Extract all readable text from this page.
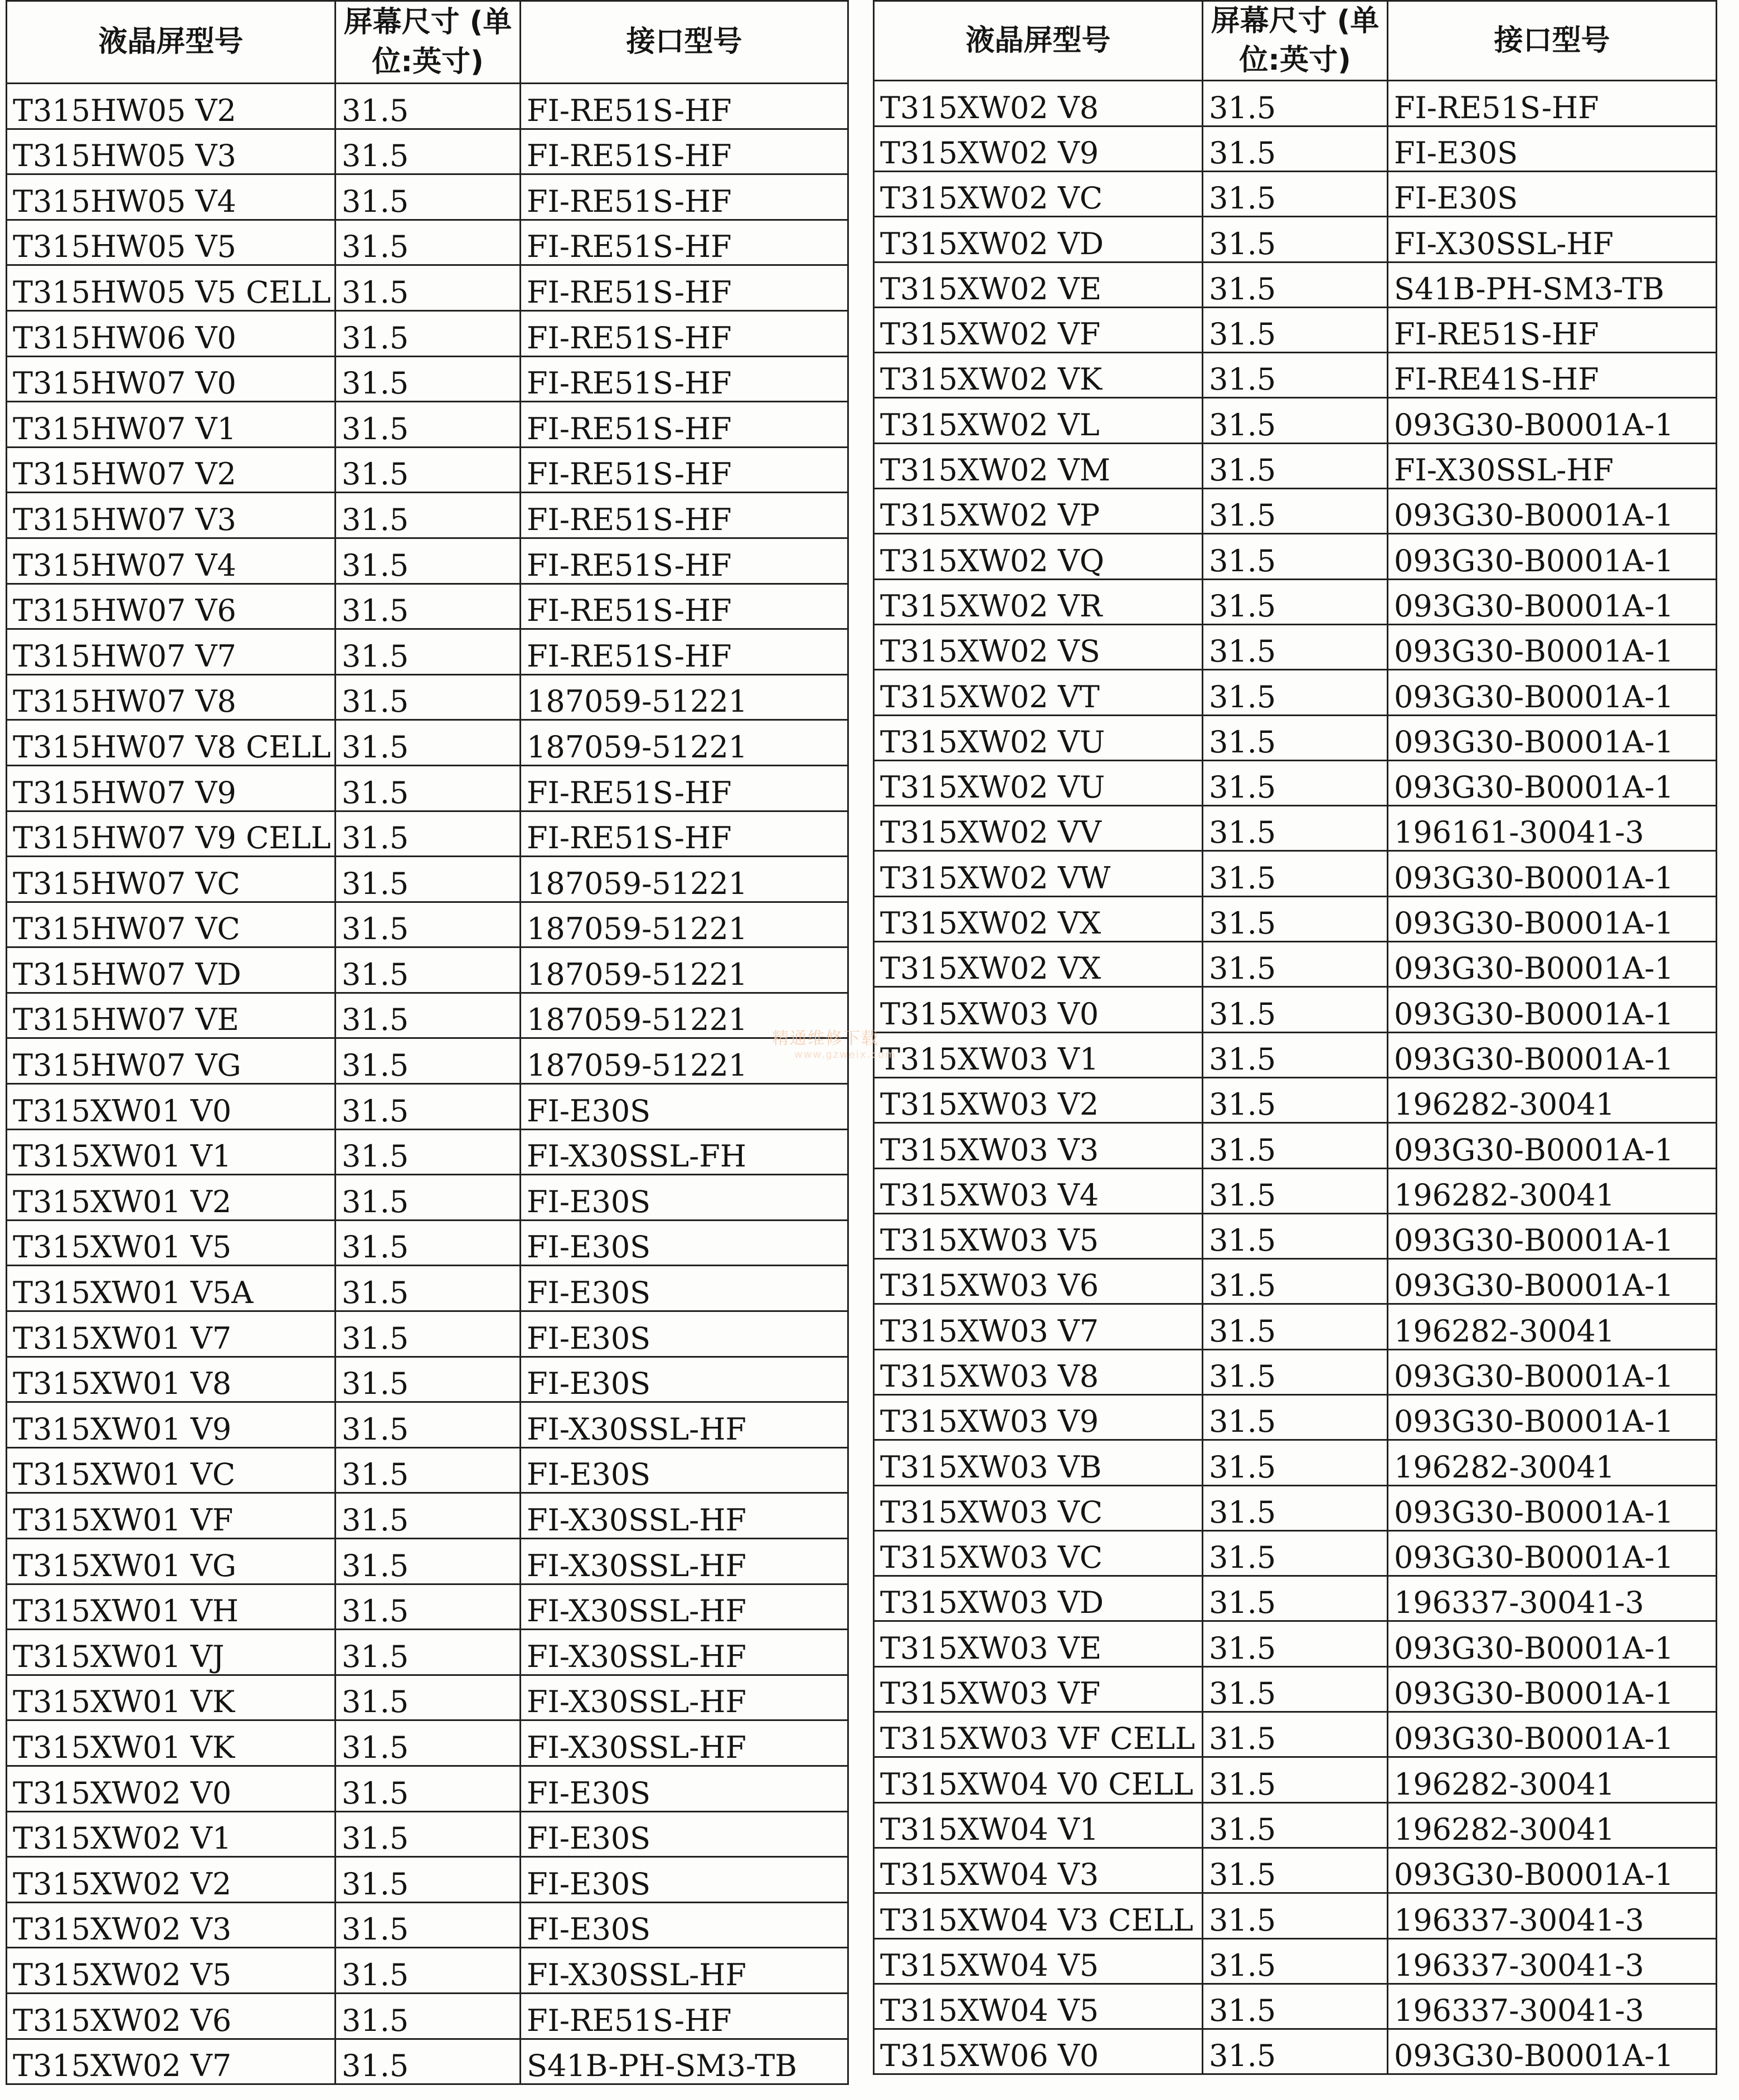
液晶屏型号	屏幕尺寸 (单位:英寸)	接口型号
T315HW05 V2	31.5	FI-RE51S-HF
T315HW05 V3	31.5	FI-RE51S-HF
T315HW05 V4	31.5	FI-RE51S-HF
T315HW05 V5	31.5	FI-RE51S-HF
T315HW05 V5 CELL	31.5	FI-RE51S-HF
T315HW06 V0	31.5	FI-RE51S-HF
T315HW07 V0	31.5	FI-RE51S-HF
T315HW07 V1	31.5	FI-RE51S-HF
T315HW07 V2	31.5	FI-RE51S-HF
T315HW07 V3	31.5	FI-RE51S-HF
T315HW07 V4	31.5	FI-RE51S-HF
T315HW07 V6	31.5	FI-RE51S-HF
T315HW07 V7	31.5	FI-RE51S-HF
T315HW07 V8	31.5	187059-51221
T315HW07 V8 CELL	31.5	187059-51221
T315HW07 V9	31.5	FI-RE51S-HF
T315HW07 V9 CELL	31.5	FI-RE51S-HF
T315HW07 VC	31.5	187059-51221
T315HW07 VC	31.5	187059-51221
T315HW07 VD	31.5	187059-51221
T315HW07 VE	31.5	187059-51221
T315HW07 VG	31.5	187059-51221
T315XW01 V0	31.5	FI-E30S
T315XW01 V1	31.5	FI-X30SSL-FH
T315XW01 V2	31.5	FI-E30S
T315XW01 V5	31.5	FI-E30S
T315XW01 V5A	31.5	FI-E30S
T315XW01 V7	31.5	FI-E30S
T315XW01 V8	31.5	FI-E30S
T315XW01 V9	31.5	FI-X30SSL-HF
T315XW01 VC	31.5	FI-E30S
T315XW01 VF	31.5	FI-X30SSL-HF
T315XW01 VG	31.5	FI-X30SSL-HF
T315XW01 VH	31.5	FI-X30SSL-HF
T315XW01 VJ	31.5	FI-X30SSL-HF
T315XW01 VK	31.5	FI-X30SSL-HF
T315XW01 VK	31.5	FI-X30SSL-HF
T315XW02 V0	31.5	FI-E30S
T315XW02 V1	31.5	FI-E30S
T315XW02 V2	31.5	FI-E30S
T315XW02 V3	31.5	FI-E30S
T315XW02 V5	31.5	FI-X30SSL-HF
T315XW02 V6	31.5	FI-RE51S-HF
T315XW02 V7	31.5	S41B-PH-SM3-TB
液晶屏型号	屏幕尺寸 (单位:英寸)	接口型号
T315XW02 V8	31.5	FI-RE51S-HF
T315XW02 V9	31.5	FI-E30S
T315XW02 VC	31.5	FI-E30S
T315XW02 VD	31.5	FI-X30SSL-HF
T315XW02 VE	31.5	S41B-PH-SM3-TB
T315XW02 VF	31.5	FI-RE51S-HF
T315XW02 VK	31.5	FI-RE41S-HF
T315XW02 VL	31.5	093G30-B0001A-1
T315XW02 VM	31.5	FI-X30SSL-HF
T315XW02 VP	31.5	093G30-B0001A-1
T315XW02 VQ	31.5	093G30-B0001A-1
T315XW02 VR	31.5	093G30-B0001A-1
T315XW02 VS	31.5	093G30-B0001A-1
T315XW02 VT	31.5	093G30-B0001A-1
T315XW02 VU	31.5	093G30-B0001A-1
T315XW02 VU	31.5	093G30-B0001A-1
T315XW02 VV	31.5	196161-30041-3
T315XW02 VW	31.5	093G30-B0001A-1
T315XW02 VX	31.5	093G30-B0001A-1
T315XW02 VX	31.5	093G30-B0001A-1
T315XW03 V0	31.5	093G30-B0001A-1
T315XW03 V1	31.5	093G30-B0001A-1
T315XW03 V2	31.5	196282-30041
T315XW03 V3	31.5	093G30-B0001A-1
T315XW03 V4	31.5	196282-30041
T315XW03 V5	31.5	093G30-B0001A-1
T315XW03 V6	31.5	093G30-B0001A-1
T315XW03 V7	31.5	196282-30041
T315XW03 V8	31.5	093G30-B0001A-1
T315XW03 V9	31.5	093G30-B0001A-1
T315XW03 VB	31.5	196282-30041
T315XW03 VC	31.5	093G30-B0001A-1
T315XW03 VC	31.5	093G30-B0001A-1
T315XW03 VD	31.5	196337-30041-3
T315XW03 VE	31.5	093G30-B0001A-1
T315XW03 VF	31.5	093G30-B0001A-1
T315XW03 VF CELL	31.5	093G30-B0001A-1
T315XW04 V0 CELL	31.5	196282-30041
T315XW04 V1	31.5	196282-30041
T315XW04 V3	31.5	093G30-B0001A-1
T315XW04 V3 CELL	31.5	196337-30041-3
T315XW04 V5	31.5	196337-30041-3
T315XW04 V5	31.5	196337-30041-3
T315XW06 V0	31.5	093G30-B0001A-1
精通维修下载
www.gzweix.com
